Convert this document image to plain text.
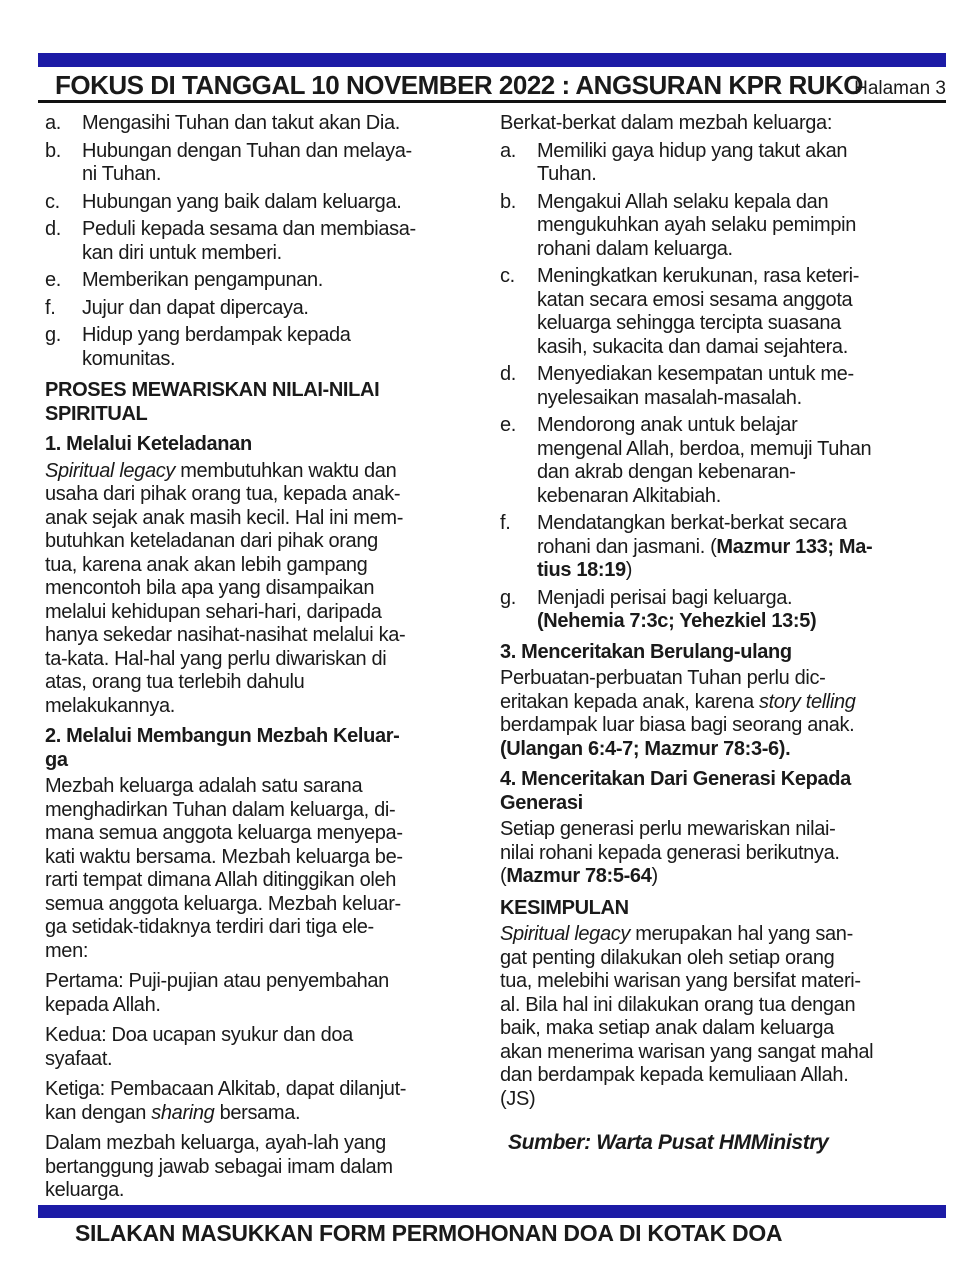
FOKUS DI TANGGAL 10 NOVEMBER 2022 : ANGSURAN KPR RUKO
Halaman 3
a.	Mengasihi Tuhan dan takut akan Dia.
b.	Hubungan dengan Tuhan dan melaya-
ni Tuhan.
c.	Hubungan yang baik dalam keluarga.
d.	Peduli kepada sesama dan membiasa-
kan diri untuk memberi.
e.	Memberikan pengampunan.
f.	Jujur dan dapat dipercaya.
g.	Hidup yang berdampak kepada
komunitas.
PROSES MEWARISKAN NILAI-NILAI
SPIRITUAL
1. Melalui Keteladanan
Spiritual legacy membutuhkan waktu dan
usaha dari pihak orang tua, kepada anak-
anak sejak anak masih kecil. Hal ini mem-
butuhkan keteladanan dari pihak orang
tua, karena anak akan lebih gampang
mencontoh bila apa yang disampaikan
melalui kehidupan sehari-hari, daripada
hanya sekedar nasihat-nasihat melalui ka-
ta-kata. Hal-hal yang perlu diwariskan di
atas, orang tua terlebih dahulu
melakukannya.
2. Melalui Membangun Mezbah Keluar-
ga
Mezbah keluarga adalah satu sarana
menghadirkan Tuhan dalam keluarga, di-
mana semua anggota keluarga menyepa-
kati waktu bersama. Mezbah keluarga be-
rarti tempat dimana Allah ditinggikan oleh
semua anggota keluarga. Mezbah keluar-
ga setidak-tidaknya terdiri dari tiga ele-
men:
Pertama: Puji-pujian atau penyembahan
kepada Allah.
Kedua: Doa ucapan syukur dan doa
syafaat.
Ketiga: Pembacaan Alkitab, dapat dilanjut-
kan dengan sharing bersama.
Dalam mezbah keluarga, ayah-lah yang
bertanggung jawab sebagai imam dalam
keluarga.
Berkat-berkat dalam mezbah keluarga:
a.	Memiliki gaya hidup yang takut akan
Tuhan.
b.	Mengakui Allah selaku kepala dan
mengukuhkan ayah selaku pemimpin
rohani dalam keluarga.
c.	Meningkatkan kerukunan, rasa keteri-
katan secara emosi sesama anggota
keluarga sehingga tercipta suasana
kasih, sukacita dan damai sejahtera.
d.	Menyediakan kesempatan untuk me-
nyelesaikan masalah-masalah.
e.	Mendorong anak untuk belajar
mengenal Allah, berdoa, memuji Tuhan
dan akrab dengan kebenaran-
kebenaran Alkitabiah.
f.	Mendatangkan berkat-berkat secara
rohani dan jasmani. (Mazmur 133; Ma-
tius 18:19)
g.	Menjadi perisai bagi keluarga.
(Nehemia 7:3c; Yehezkiel 13:5)
3. Menceritakan Berulang-ulang
Perbuatan-perbuatan Tuhan perlu dic-
eritakan kepada anak, karena story telling
berdampak luar biasa bagi seorang anak.
(Ulangan 6:4-7; Mazmur 78:3-6).
4. Menceritakan Dari Generasi Kepada
Generasi
Setiap generasi perlu mewariskan nilai-
nilai rohani kepada generasi berikutnya.
(Mazmur 78:5-64)
KESIMPULAN
Spiritual legacy merupakan hal yang san-
gat penting dilakukan oleh setiap orang
tua, melebihi warisan yang bersifat materi-
al. Bila hal ini dilakukan orang tua dengan
baik, maka setiap anak dalam keluarga
akan menerima warisan yang sangat mahal
dan berdampak kepada kemuliaan Allah.
(JS)
Sumber: Warta Pusat HMMinistry
SILAKAN MASUKKAN FORM PERMOHONAN DOA DI KOTAK DOA
